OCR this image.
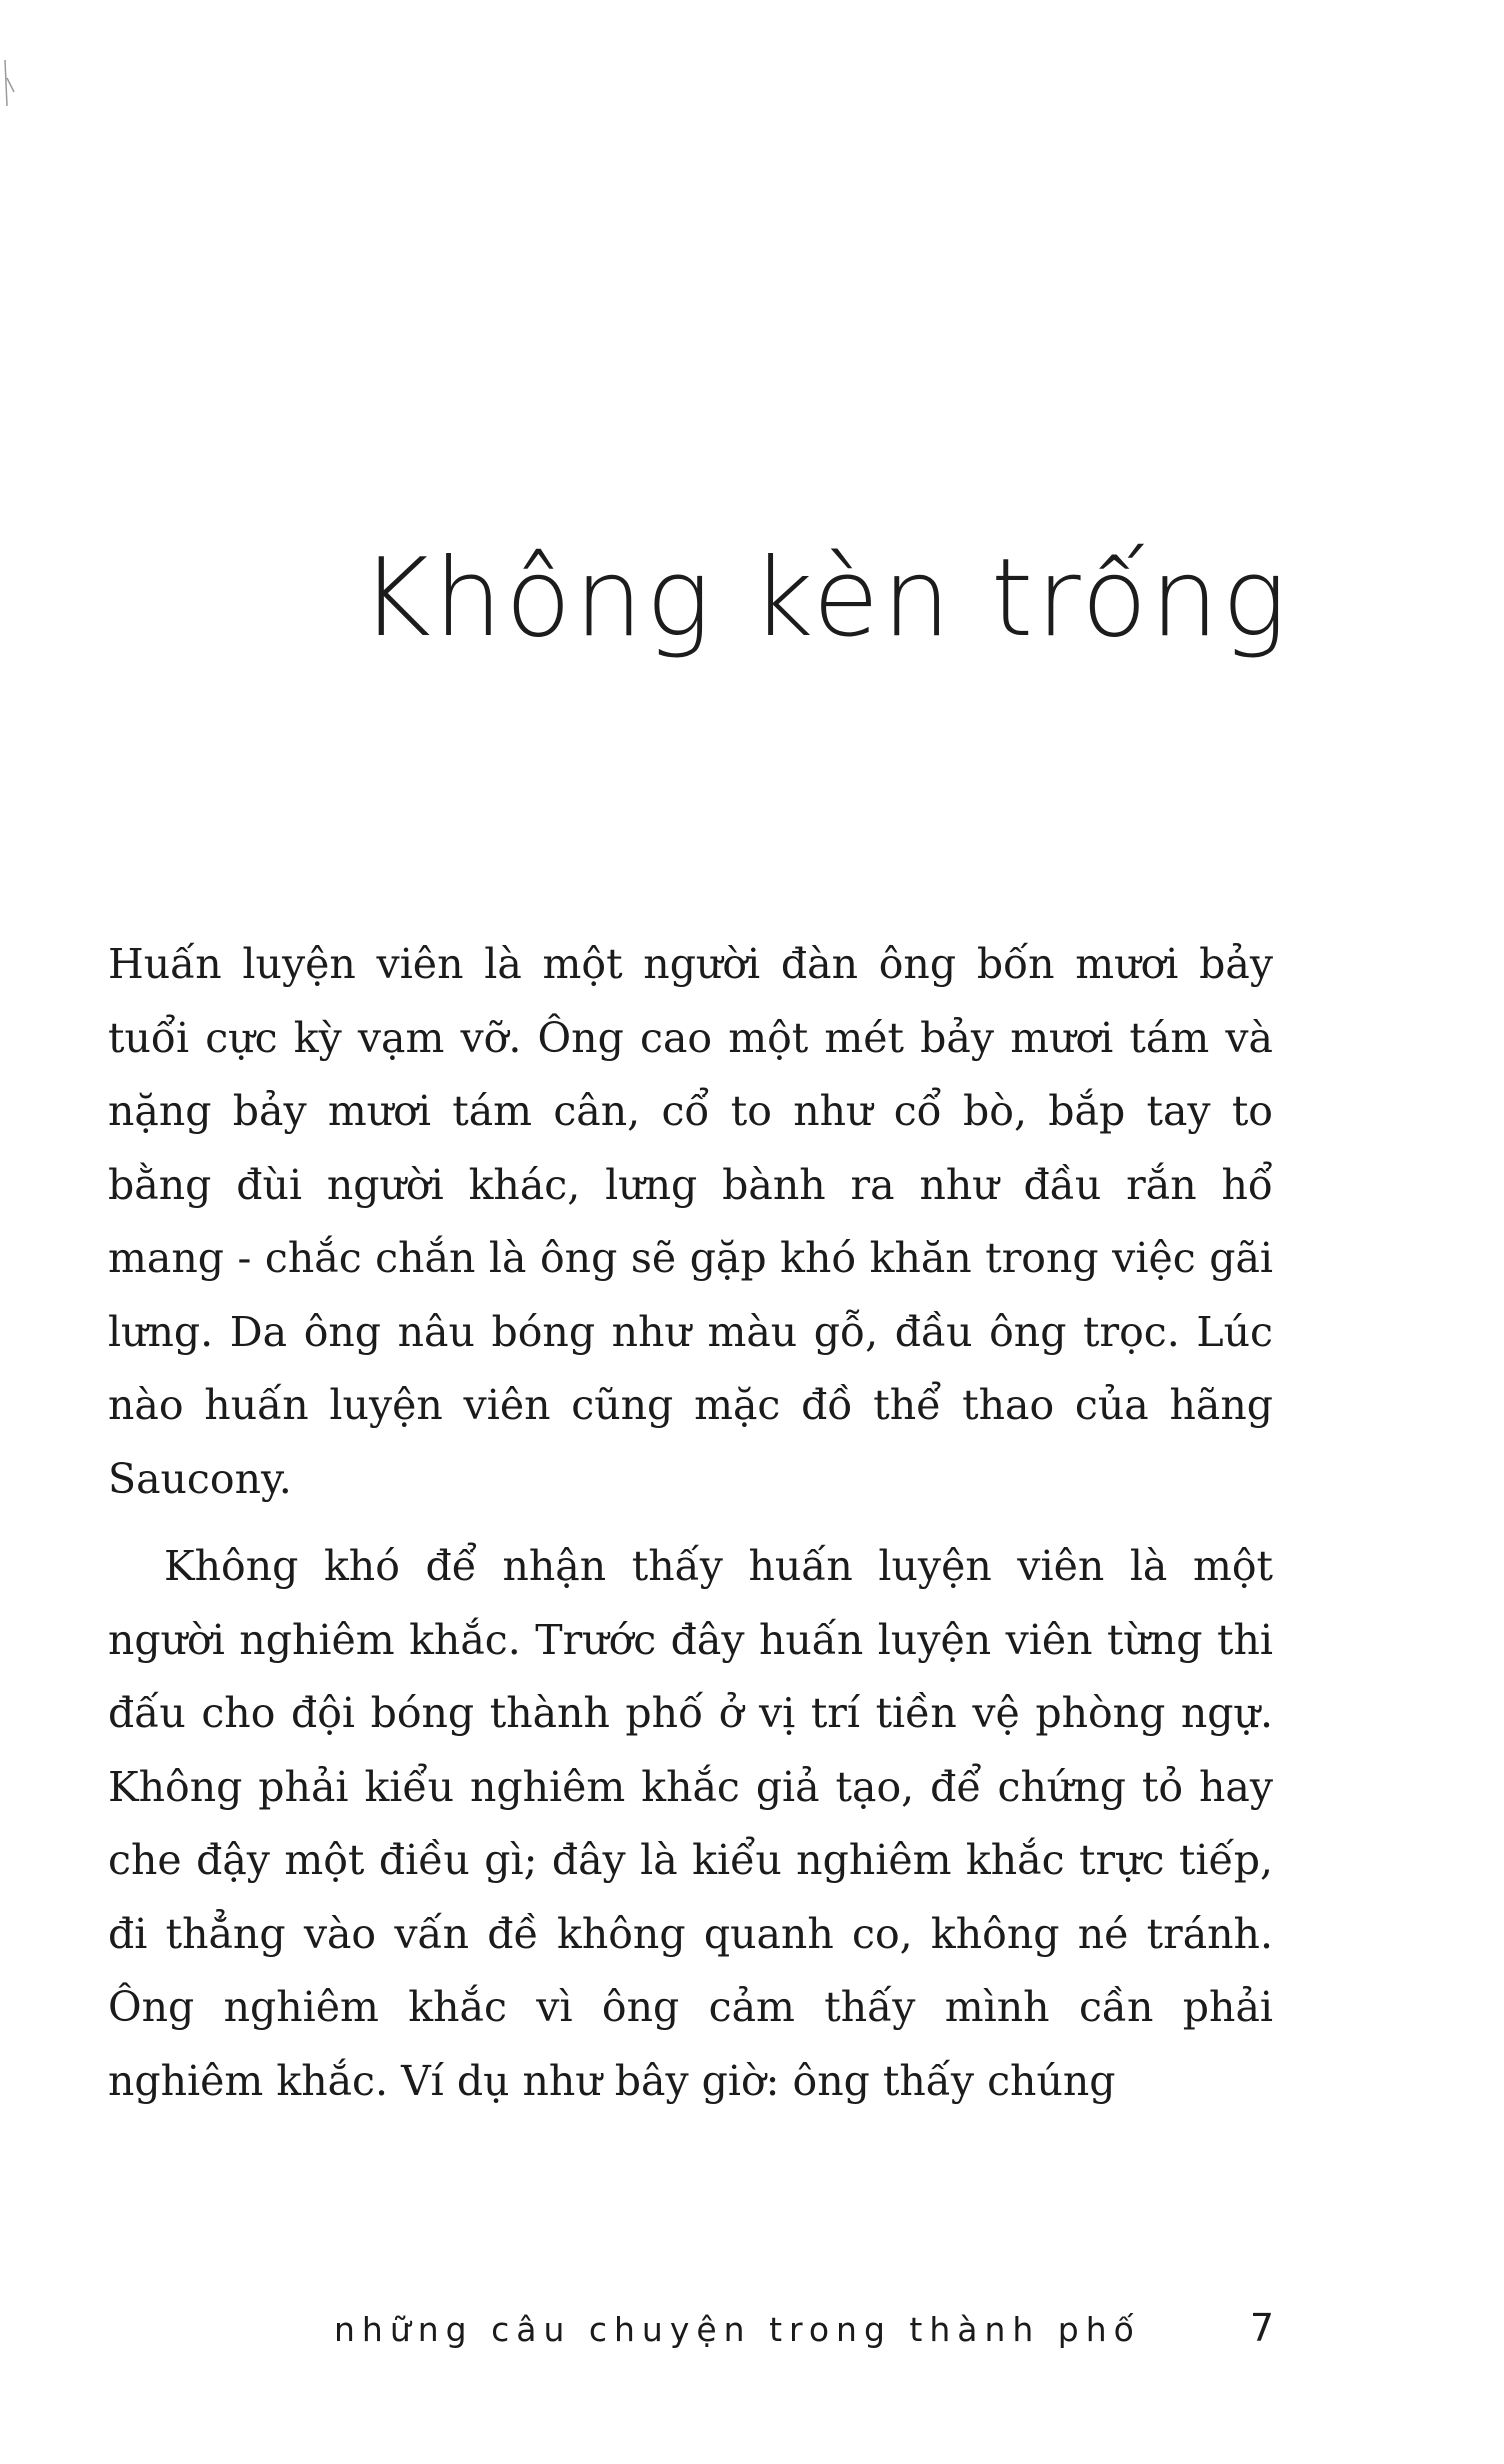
Không kèn trống

Huấn luyện viên là một người đàn ông bốn mươi bảy tuổi cực kỳ vạm vỡ. Ông cao một mét bảy mươi tám và nặng bảy mươi tám cân, cổ to như cổ bò, bắp tay to bằng đùi người khác, lưng bành ra như đầu rắn hổ mang - chắc chắn là ông sẽ gặp khó khăn trong việc gãi lưng. Da ông nâu bóng như màu gỗ, đầu ông trọc. Lúc nào huấn luyện viên cũng mặc đồ thể thao của hãng Saucony.

Không khó để nhận thấy huấn luyện viên là một người nghiêm khắc. Trước đây huấn luyện viên từng thi đấu cho đội bóng thành phố ở vị trí tiền vệ phòng ngự. Không phải kiểu nghiêm khắc giả tạo, để chứng tỏ hay che đậy một điều gì; đây là kiểu nghiêm khắc trực tiếp, đi thẳng vào vấn đề không quanh co, không né tránh. Ông nghiêm khắc vì ông cảm thấy mình cần phải nghiêm khắc. Ví dụ như bây giờ: ông thấy chúng

những câu chuyện trong thành phố	7
